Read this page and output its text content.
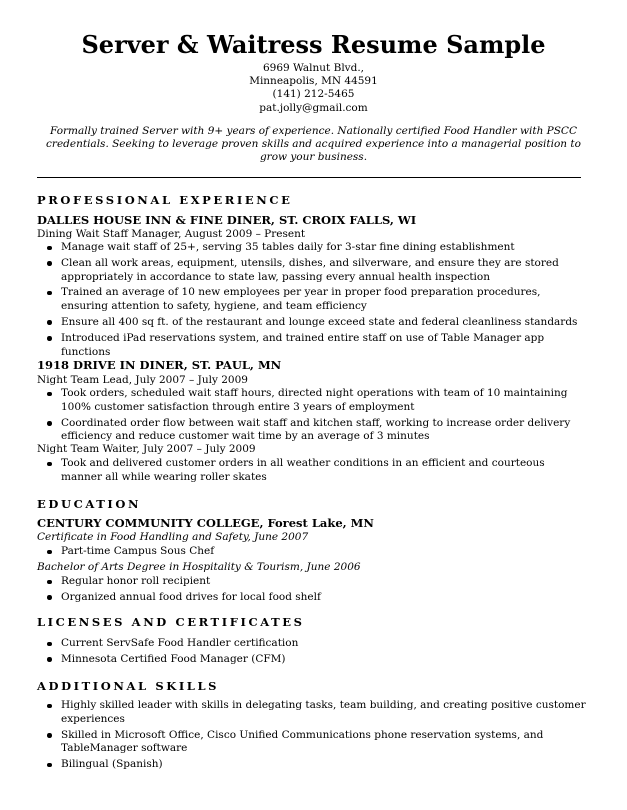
Server & Waitress Resume Sample
6969 Walnut Blvd.,
Minneapolis, MN 44591
(141) 212-5465
pat.jolly@gmail.com
Formally trained Server with 9+ years of experience. Nationally certified Food Handler with PSCC credentials. Seeking to leverage proven skills and acquired experience into a managerial position to grow your business.
PROFESSIONAL EXPERIENCE
DALLES HOUSE INN & FINE DINER, ST. CROIX FALLS, WI
Dining Wait Staff Manager, August 2009 – Present
Manage wait staff of 25+, serving 35 tables daily for 3-star fine dining establishment
Clean all work areas, equipment, utensils, dishes, and silverware, and ensure they are stored appropriately in accordance to state law, passing every annual health inspection
Trained an average of 10 new employees per year in proper food preparation procedures, ensuring attention to safety, hygiene, and team efficiency
Ensure all 400 sq ft. of the restaurant and lounge exceed state and federal cleanliness standards
Introduced iPad reservations system, and trained entire staff on use of Table Manager app functions
1918 DRIVE IN DINER, ST. PAUL, MN
Night Team Lead, July 2007 – July 2009
Took orders, scheduled wait staff hours, directed night operations with team of 10 maintaining 100% customer satisfaction through entire 3 years of employment
Coordinated order flow between wait staff and kitchen staff, working to increase order delivery efficiency and reduce customer wait time by an average of 3 minutes
Night Team Waiter, July 2007 – July 2009
Took and delivered customer orders in all weather conditions in an efficient and courteous manner all while wearing roller skates
EDUCATION
CENTURY COMMUNITY COLLEGE, Forest Lake, MN
Certificate in Food Handling and Safety, June 2007
Part-time Campus Sous Chef
Bachelor of Arts Degree in Hospitality & Tourism, June 2006
Regular honor roll recipient
Organized annual food drives for local food shelf
LICENSES AND CERTIFICATES
Current ServSafe Food Handler certification
Minnesota Certified Food Manager (CFM)
ADDITIONAL SKILLS
Highly skilled leader with skills in delegating tasks, team building, and creating positive customer experiences
Skilled in Microsoft Office, Cisco Unified Communications phone reservation systems, and TableManager software
Bilingual (Spanish)
